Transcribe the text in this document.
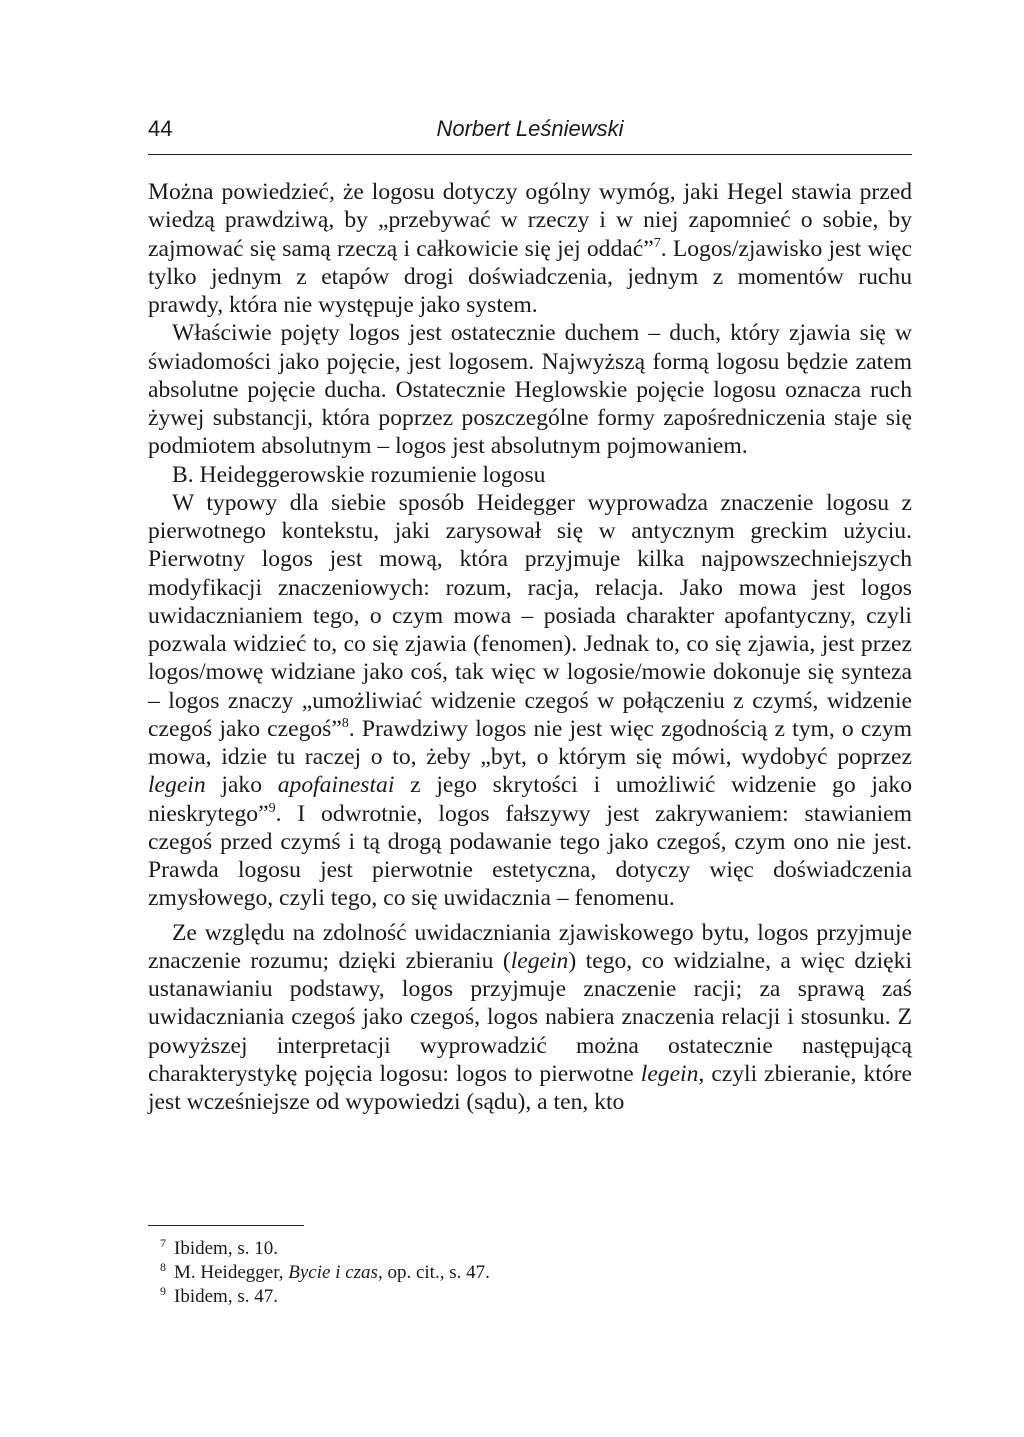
44	Norbert Leśniewski

Można powiedzieć, że logosu dotyczy ogólny wymóg, jaki Hegel stawia przed wiedzą prawdziwą, by „przebywać w rzeczy i w niej zapomnieć o sobie, by zajmować się samą rzeczą i całkowicie się jej oddać”$^7$. Logos/zjawisko jest więc tylko jednym z etapów drogi doświadczenia, jednym z momentów ruchu prawdy, która nie występuje jako system.

Właściwie pojęty logos jest ostatecznie duchem – duch, który zjawia się w świadomości jako pojęcie, jest logosem. Najwyższą formą logosu będzie zatem absolutne pojęcie ducha. Ostatecznie Heglowskie pojęcie logosu oznacza ruch żywej substancji, która poprzez poszczególne formy zapośredniczenia staje się podmiotem absolutnym – logos jest absolutnym pojmowaniem.

B. Heideggerowskie rozumienie logosu

W typowy dla siebie sposób Heidegger wyprowadza znaczenie logosu z pierwotnego kontekstu, jaki zarysował się w antycznym greckim użyciu. Pierwotny logos jest mową, która przyjmuje kilka najpowszechniejszych modyfikacji znaczeniowych: rozum, racja, relacja. Jako mowa jest logos uwidacznianiem tego, o czym mowa – posiada charakter apofantyczny, czyli pozwala widzieć to, co się zjawia (fenomen). Jednak to, co się zjawia, jest przez logos/mowę widziane jako coś, tak więc w logosie/mowie dokonuje się synteza – logos znaczy „umożliwiać widzenie czegoś w połączeniu z czymś, widzenie czegoś jako czegoś”$^8$. Prawdziwy logos nie jest więc zgodnością z tym, o czym mowa, idzie tu raczej o to, żeby „byt, o którym się mówi, wydobyć poprzez legein jako apofainestai z jego skrytości i umożliwić widzenie go jako nieskrytego”$^9$. I odwrotnie, logos fałszywy jest zakrywaniem: stawianiem czegoś przed czymś i tą drogą podawanie tego jako czegoś, czym ono nie jest. Prawda logosu jest pierwotnie estetyczna, dotyczy więc doświadczenia zmysłowego, czyli tego, co się uwidacznia – fenomenu.

Ze względu na zdolność uwidaczniania zjawiskowego bytu, logos przyjmuje znaczenie rozumu; dzięki zbieraniu (legein) tego, co widzialne, a więc dzięki ustanawianiu podstawy, logos przyjmuje znaczenie racji; za sprawą zaś uwidaczniania czegoś jako czegoś, logos nabiera znaczenia relacji i stosunku. Z powyższej interpretacji wyprowadzić można ostatecznie następującą charakterystykę pojęcia logosu: logos to pierwotne legein, czyli zbieranie, które jest wcześniejsze od wypowiedzi (sądu), a ten, kto

7 Ibidem, s. 10.

8 M. Heidegger, Bycie i czas, op. cit., s. 47.

9 Ibidem, s. 47.
